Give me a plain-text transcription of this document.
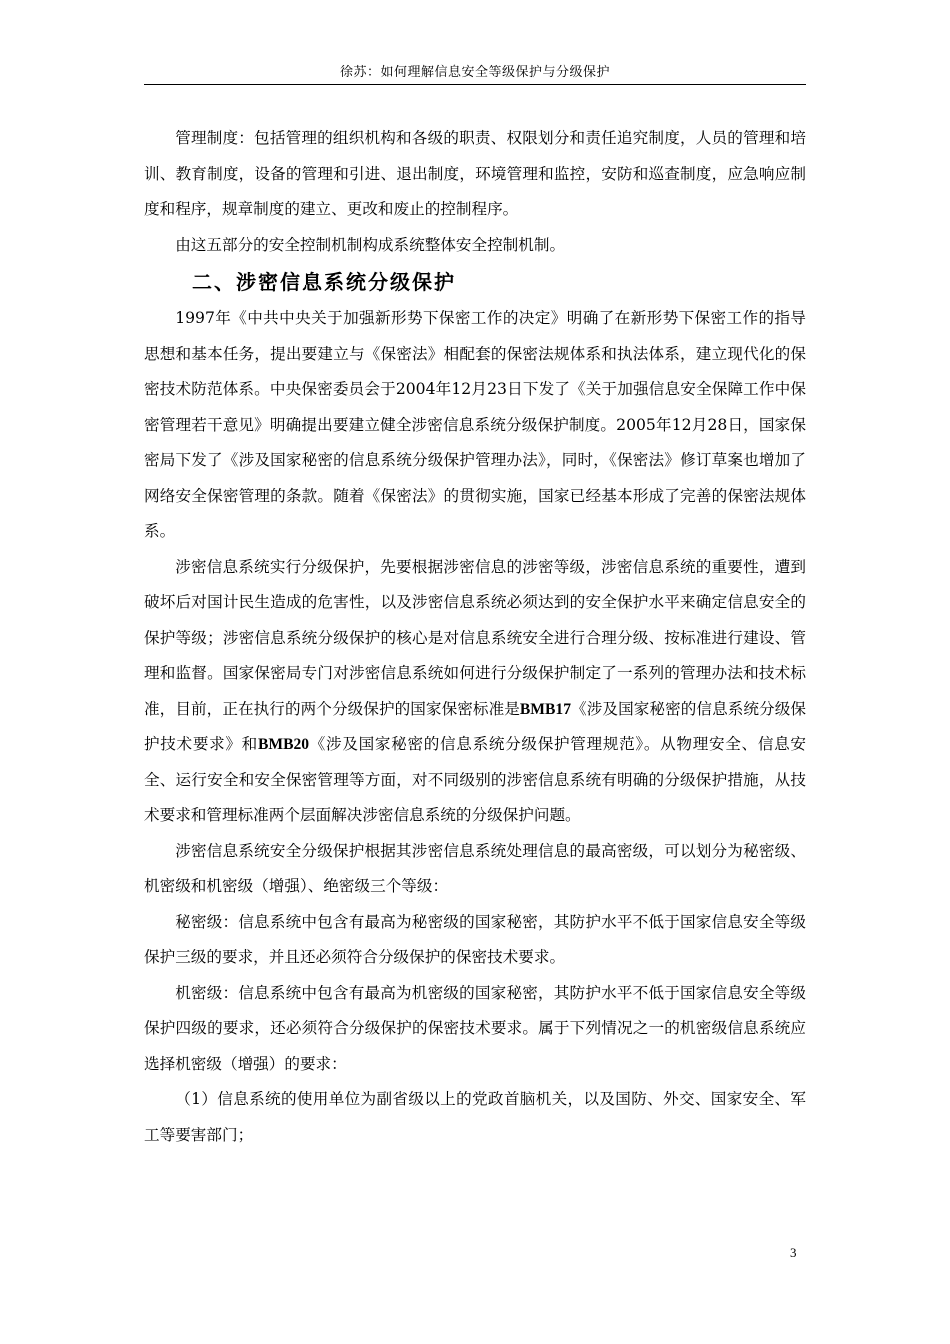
徐苏：如何理解信息安全等级保护与分级保护

管理制度：包括管理的组织机构和各级的职责、权限划分和责任追究制度，人员的管理和培训、教育制度，设备的管理和引进、退出制度，环境管理和监控，安防和巡查制度，应急响应制度和程序，规章制度的建立、更改和废止的控制程序。

由这五部分的安全控制机制构成系统整体安全控制机制。

二、涉密信息系统分级保护

1997年《中共中央关于加强新形势下保密工作的决定》明确了在新形势下保密工作的指导思想和基本任务，提出要建立与《保密法》相配套的保密法规体系和执法体系，建立现代化的保密技术防范体系。中央保密委员会于2004年12月23日下发了《关于加强信息安全保障工作中保密管理若干意见》明确提出要建立健全涉密信息系统分级保护制度。2005年12月28日，国家保密局下发了《涉及国家秘密的信息系统分级保护管理办法》，同时，《保密法》修订草案也增加了网络安全保密管理的条款。随着《保密法》的贯彻实施，国家已经基本形成了完善的保密法规体系。

涉密信息系统实行分级保护，先要根据涉密信息的涉密等级，涉密信息系统的重要性，遭到破坏后对国计民生造成的危害性，以及涉密信息系统必须达到的安全保护水平来确定信息安全的保护等级；涉密信息系统分级保护的核心是对信息系统安全进行合理分级、按标准进行建设、管理和监督。国家保密局专门对涉密信息系统如何进行分级保护制定了一系列的管理办法和技术标准，目前，正在执行的两个分级保护的国家保密标准是BMB17《涉及国家秘密的信息系统分级保护技术要求》和BMB20《涉及国家秘密的信息系统分级保护管理规范》。从物理安全、信息安全、运行安全和安全保密管理等方面，对不同级别的涉密信息系统有明确的分级保护措施，从技术要求和管理标准两个层面解决涉密信息系统的分级保护问题。

涉密信息系统安全分级保护根据其涉密信息系统处理信息的最高密级，可以划分为秘密级、机密级和机密级（增强）、绝密级三个等级：

秘密级：信息系统中包含有最高为秘密级的国家秘密，其防护水平不低于国家信息安全等级保护三级的要求，并且还必须符合分级保护的保密技术要求。

机密级：信息系统中包含有最高为机密级的国家秘密，其防护水平不低于国家信息安全等级保护四级的要求，还必须符合分级保护的保密技术要求。属于下列情况之一的机密级信息系统应选择机密级（增强）的要求：

（1）信息系统的使用单位为副省级以上的党政首脑机关，以及国防、外交、国家安全、军工等要害部门；

3
